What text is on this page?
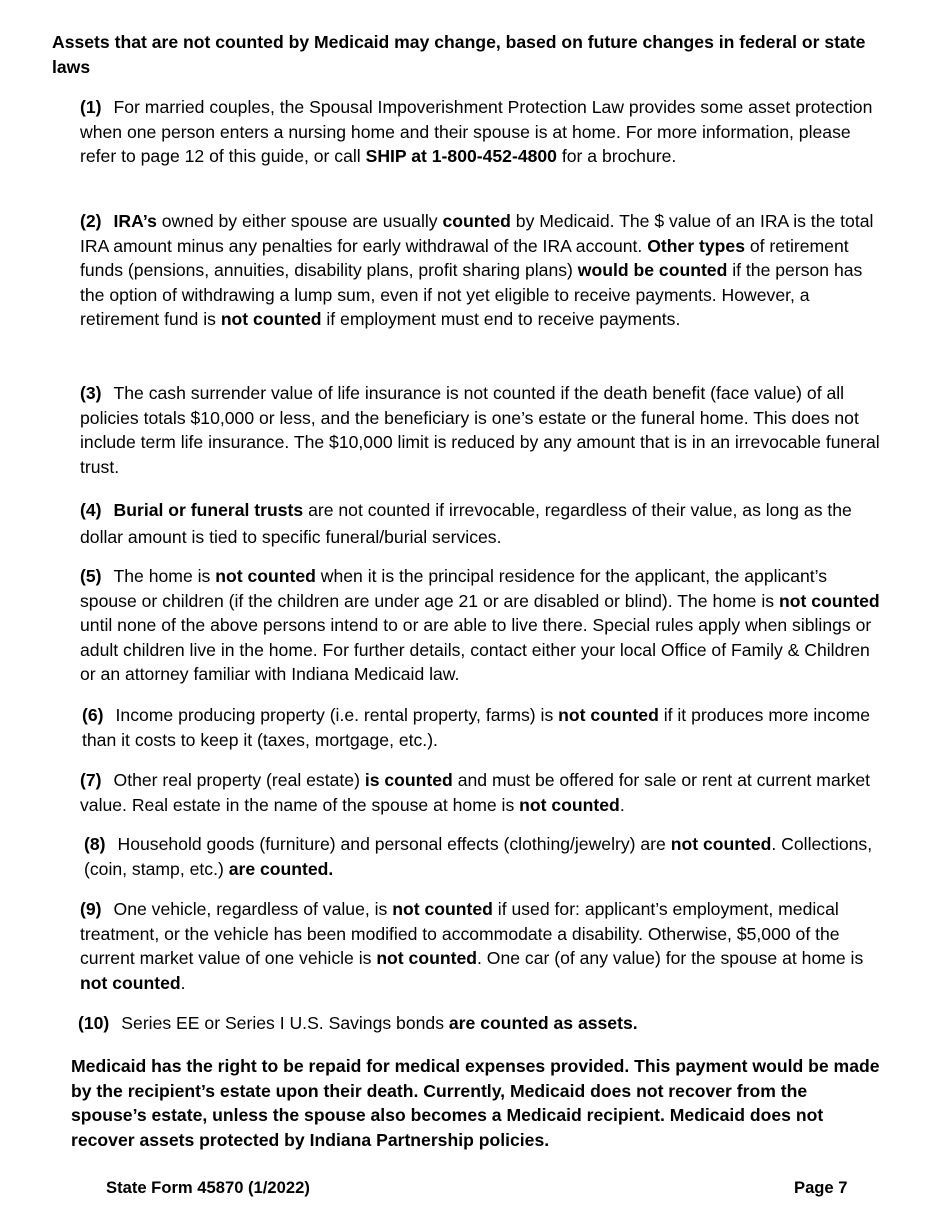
Assets that are not counted by Medicaid may change, based on future changes in federal or state laws
(1) For married couples, the Spousal Impoverishment Protection Law provides some asset protection when one person enters a nursing home and their spouse is at home. For more information, please refer to page 12 of this guide, or call SHIP at 1-800-452-4800 for a brochure.
(2) IRA’s owned by either spouse are usually counted by Medicaid. The $ value of an IRA is the total IRA amount minus any penalties for early withdrawal of the IRA account. Other types of retirement funds (pensions, annuities, disability plans, profit sharing plans) would be counted if the person has the option of withdrawing a lump sum, even if not yet eligible to receive payments. However, a retirement fund is not counted if employment must end to receive payments.
(3) The cash surrender value of life insurance is not counted if the death benefit (face value) of all policies totals $10,000 or less, and the beneficiary is one’s estate or the funeral home. This does not include term life insurance. The $10,000 limit is reduced by any amount that is in an irrevocable funeral trust.
(4) Burial or funeral trusts are not counted if irrevocable, regardless of their value, as long as the dollar amount is tied to specific funeral/burial services.
(5) The home is not counted when it is the principal residence for the applicant, the applicant’s spouse or children (if the children are under age 21 or are disabled or blind). The home is not counted until none of the above persons intend to or are able to live there. Special rules apply when siblings or adult children live in the home. For further details, contact either your local Office of Family & Children or an attorney familiar with Indiana Medicaid law.
(6) Income producing property (i.e. rental property, farms) is not counted if it produces more income than it costs to keep it (taxes, mortgage, etc.).
(7) Other real property (real estate) is counted and must be offered for sale or rent at current market value. Real estate in the name of the spouse at home is not counted.
(8) Household goods (furniture) and personal effects (clothing/jewelry) are not counted. Collections, (coin, stamp, etc.) are counted.
(9) One vehicle, regardless of value, is not counted if used for: applicant’s employment, medical treatment, or the vehicle has been modified to accommodate a disability. Otherwise, $5,000 of the current market value of one vehicle is not counted. One car (of any value) for the spouse at home is not counted.
(10) Series EE or Series I U.S. Savings bonds are counted as assets.
Medicaid has the right to be repaid for medical expenses provided. This payment would be made by the recipient’s estate upon their death. Currently, Medicaid does not recover from the spouse’s estate, unless the spouse also becomes a Medicaid recipient. Medicaid does not recover assets protected by Indiana Partnership policies.
State Form 45870 (1/2022)	Page 7
